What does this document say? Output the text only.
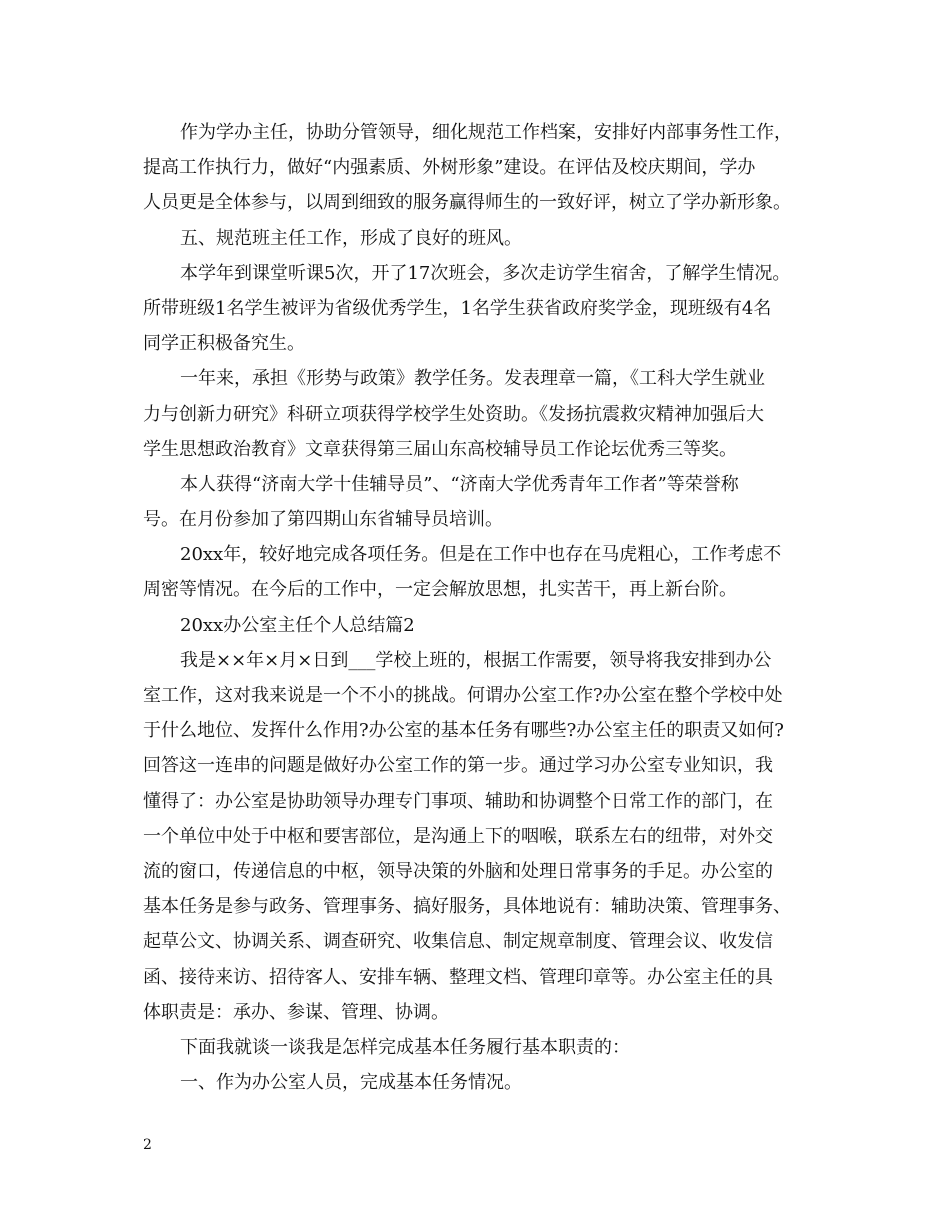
作为学办主任，协助分管领导，细化规范工作档案，安排好内部事务性工作，
提高工作执行力，做好“内强素质、外树形象”建设。在评估及校庆期间，学办
人员更是全体参与，以周到细致的服务赢得师生的一致好评，树立了学办新形象。
五、规范班主任工作，形成了良好的班风。
本学年到课堂听课5次，开了17次班会，多次走访学生宿舍，了解学生情况。
所带班级1名学生被评为省级优秀学生，1名学生获省政府奖学金，现班级有4名
同学正积极备究生。
一年来，承担《形势与政策》教学任务。发表理章一篇，《工科大学生就业
力与创新力研究》科研立项获得学校学生处资助。《发扬抗震救灾精神加强后大
学生思想政治教育》文章获得第三届山东高校辅导员工作论坛优秀三等奖。
本人获得“济南大学十佳辅导员”、“济南大学优秀青年工作者”等荣誉称
号。在月份参加了第四期山东省辅导员培训。
20xx年，较好地完成各项任务。但是在工作中也存在马虎粗心，工作考虑不
周密等情况。在今后的工作中，一定会解放思想，扎实苦干，再上新台阶。
20xx办公室主任个人总结篇2
我是××年×月×日到___学校上班的，根据工作需要，领导将我安排到办公
室工作，这对我来说是一个不小的挑战。何谓办公室工作?办公室在整个学校中处
于什么地位、发挥什么作用?办公室的基本任务有哪些?办公室主任的职责又如何?
回答这一连串的问题是做好办公室工作的第一步。通过学习办公室专业知识，我
懂得了：办公室是协助领导办理专门事项、辅助和协调整个日常工作的部门，在
一个单位中处于中枢和要害部位，是沟通上下的咽喉，联系左右的纽带，对外交
流的窗口，传递信息的中枢，领导决策的外脑和处理日常事务的手足。办公室的
基本任务是参与政务、管理事务、搞好服务，具体地说有：辅助决策、管理事务、
起草公文、协调关系、调查研究、收集信息、制定规章制度、管理会议、收发信
函、接待来访、招待客人、安排车辆、整理文档、管理印章等。办公室主任的具
体职责是：承办、参谋、管理、协调。
下面我就谈一谈我是怎样完成基本任务履行基本职责的：
一、作为办公室人员，完成基本任务情况。
2
